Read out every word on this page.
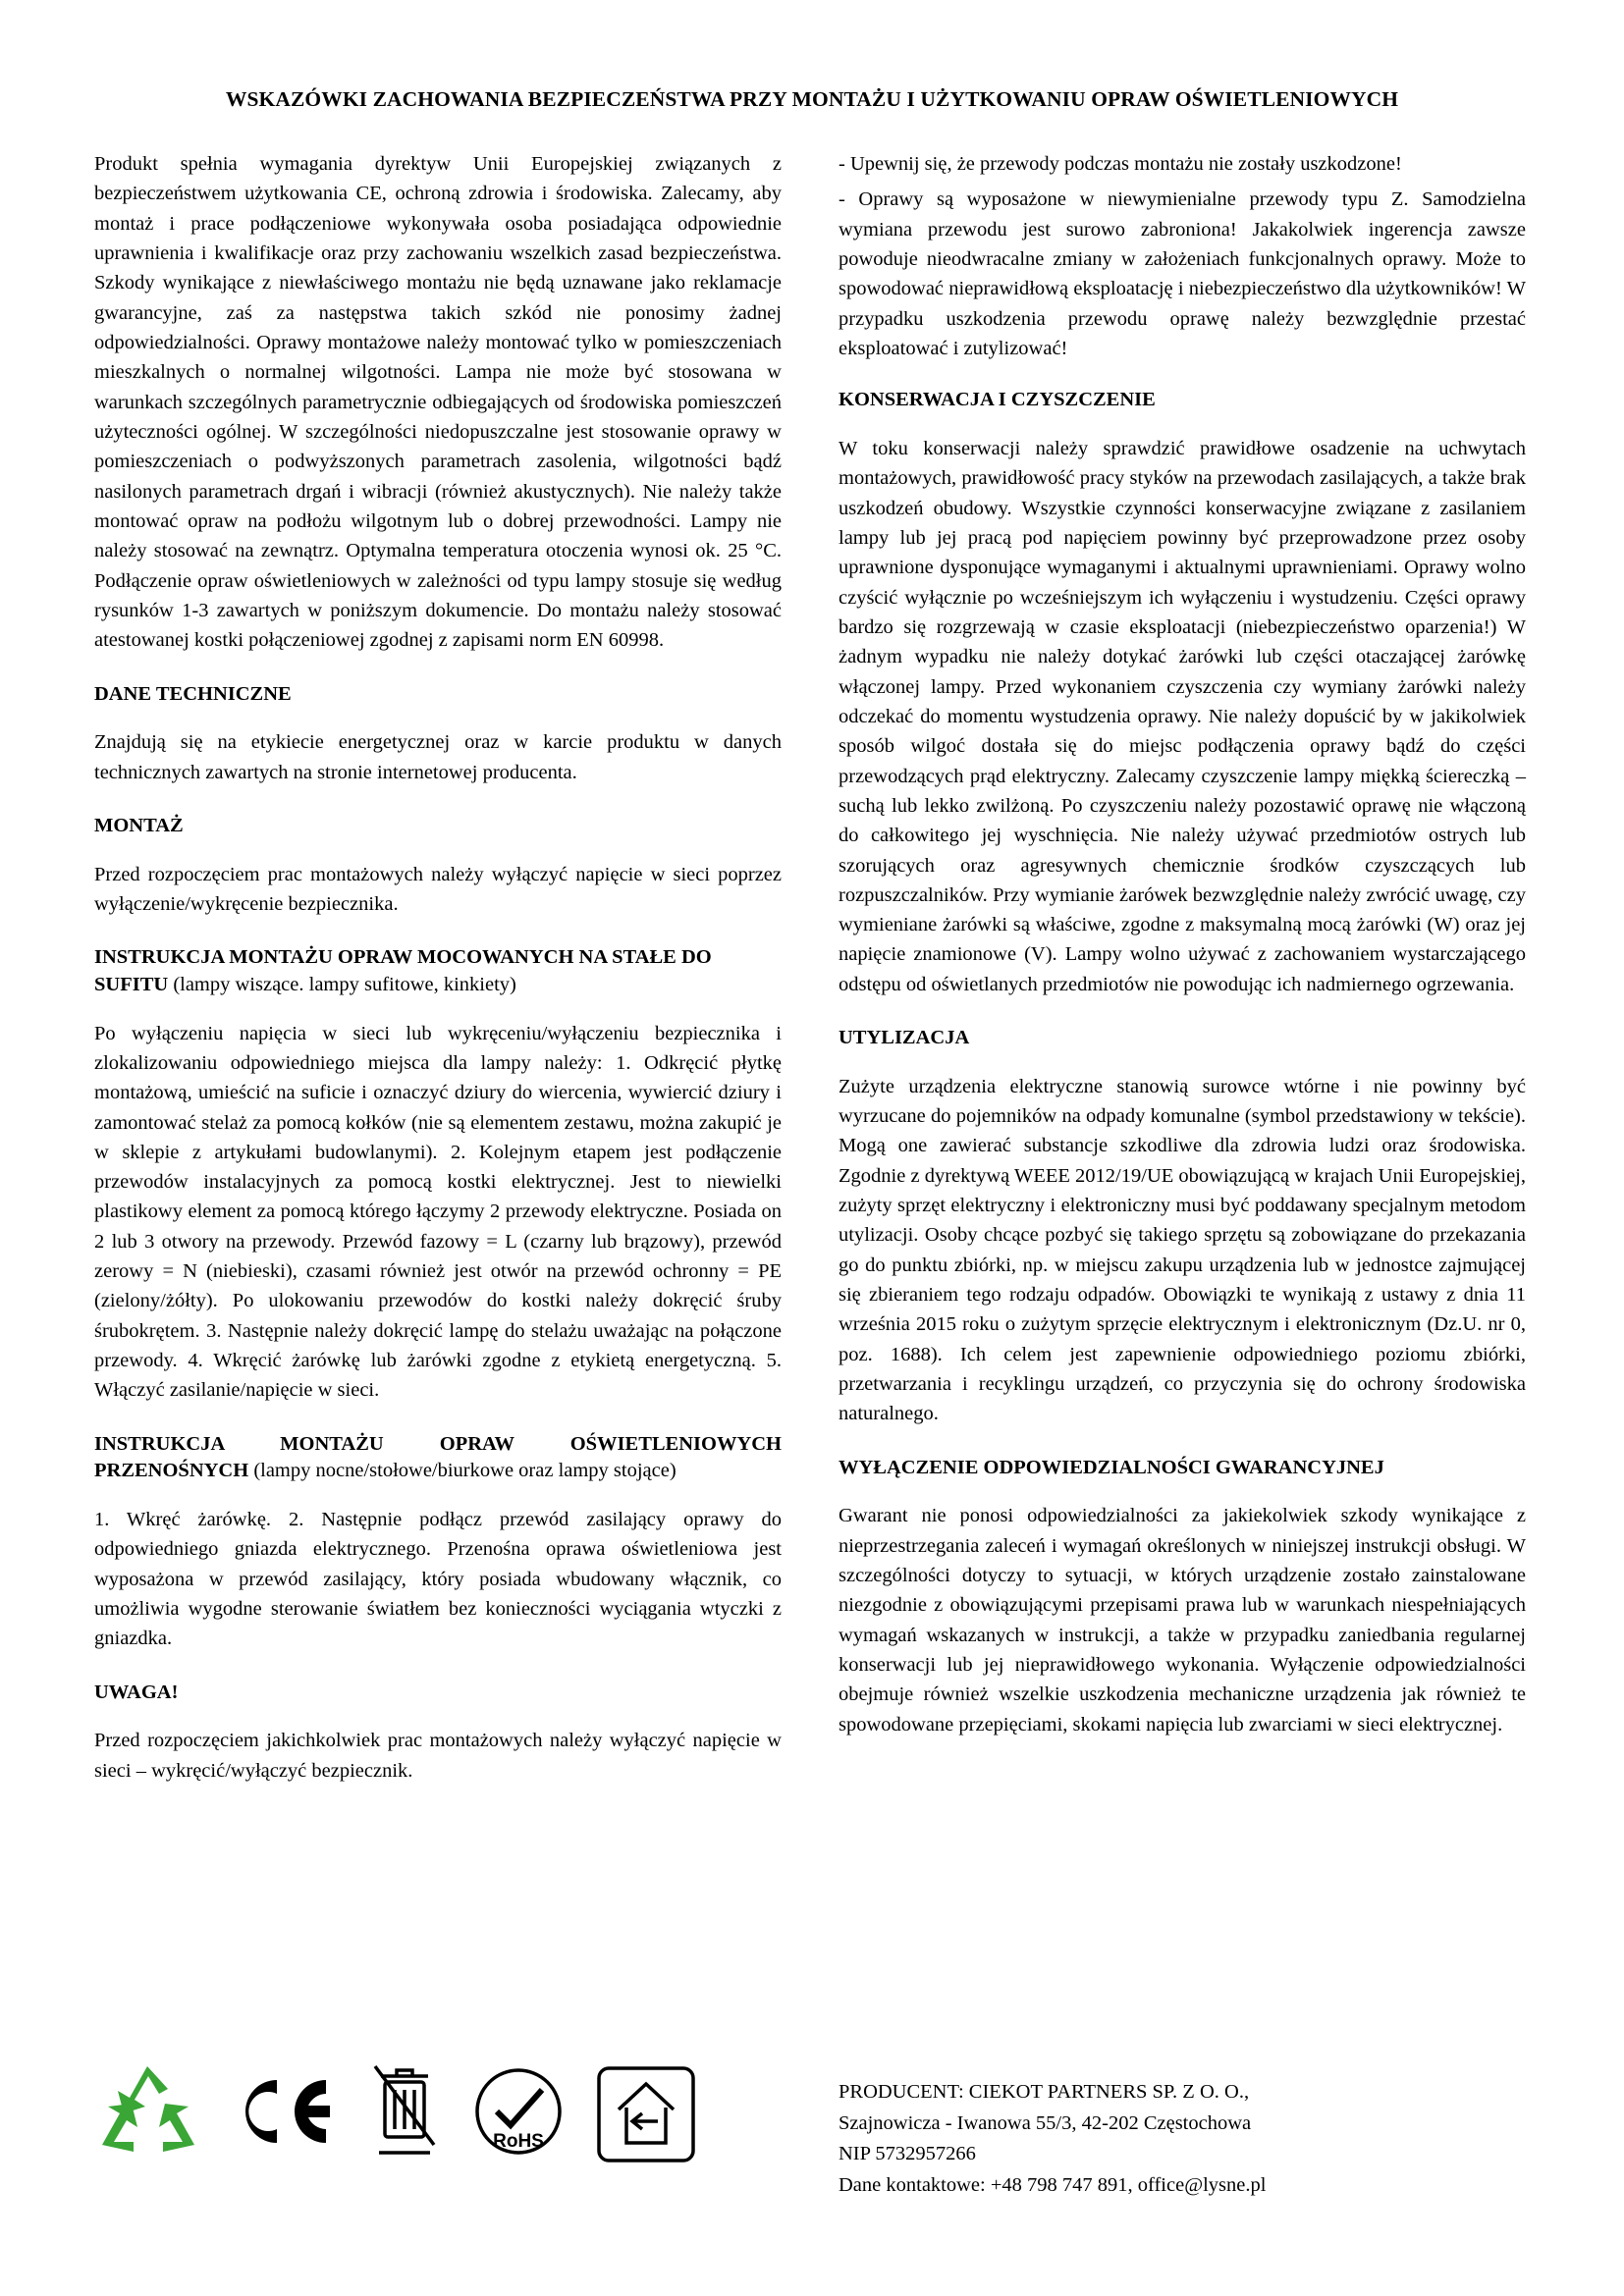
WSKAZÓWKI ZACHOWANIA BEZPIECZEŃSTWA PRZY MONTAŻU I UŻYTKOWANIU OPRAW OŚWIETLENIOWYCH

Produkt spełnia wymagania dyrektyw Unii Europejskiej związanych z bezpieczeństwem użytkowania CE, ochroną zdrowia i środowiska. Zalecamy, aby montaż i prace podłączeniowe wykonywała osoba posiadająca odpowiednie uprawnienia i kwalifikacje oraz przy zachowaniu wszelkich zasad bezpieczeństwa. Szkody wynikające z niewłaściwego montażu nie będą uznawane jako reklamacje gwarancyjne, zaś za następstwa takich szkód nie ponosimy żadnej odpowiedzialności. Oprawy montażowe należy montować tylko w pomieszczeniach mieszkalnych o normalnej wilgotności. Lampa nie może być stosowana w warunkach szczególnych parametrycznie odbiegających od środowiska pomieszczeń użyteczności ogólnej. W szczególności niedopuszczalne jest stosowanie oprawy w pomieszczeniach o podwyższonych parametrach zasolenia, wilgotności bądź nasilonych parametrach drgań i wibracji (również akustycznych). Nie należy także montować opraw na podłożu wilgotnym lub o dobrej przewodności. Lampy nie należy stosować na zewnątrz. Optymalna temperatura otoczenia wynosi ok. 25 °C. Podłączenie opraw oświetleniowych w zależności od typu lampy stosuje się według rysunków 1-3 zawartych w poniższym dokumencie. Do montażu należy stosować atestowanej kostki połączeniowej zgodnej z zapisami norm EN 60998.

DANE TECHNICZNE

Znajdują się na etykiecie energetycznej oraz w karcie produktu w danych technicznych zawartych na stronie internetowej producenta.

MONTAŻ

Przed rozpoczęciem prac montażowych należy wyłączyć napięcie w sieci poprzez wyłączenie/wykręcenie bezpiecznika.

INSTRUKCJA MONTAŻU OPRAW MOCOWANYCH NA STAŁE DO SUFITU (lampy wiszące. lampy sufitowe, kinkiety)

Po wyłączeniu napięcia w sieci lub wykręceniu/wyłączeniu bezpiecznika i zlokalizowaniu odpowiedniego miejsca dla lampy należy: 1. Odkręcić płytkę montażową, umieścić na suficie i oznaczyć dziury do wiercenia, wywiercić dziury i zamontować stelaż za pomocą kołków (nie są elementem zestawu, można zakupić je w sklepie z artykułami budowlanymi). 2. Kolejnym etapem jest podłączenie przewodów instalacyjnych za pomocą kostki elektrycznej. Jest to niewielki plastikowy element za pomocą którego łączymy 2 przewody elektryczne. Posiada on 2 lub 3 otwory na przewody. Przewód fazowy = L (czarny lub brązowy), przewód zerowy = N (niebieski), czasami również jest otwór na przewód ochronny = PE (zielony/żółty). Po ulokowaniu przewodów do kostki należy dokręcić śruby śrubokrętem. 3. Następnie należy dokręcić lampę do stelażu uważając na połączone przewody. 4. Wkręcić żarówkę lub żarówki zgodne z etykietą energetyczną. 5. Włączyć zasilanie/napięcie w sieci.

INSTRUKCJA MONTAŻU OPRAW OŚWIETLENIOWYCH PRZENOŚNYCH (lampy nocne/stołowe/biurkowe oraz lampy stojące)

1. Wkręć żarówkę. 2. Następnie podłącz przewód zasilający oprawy do odpowiedniego gniazda elektrycznego. Przenośna oprawa oświetleniowa jest wyposażona w przewód zasilający, który posiada wbudowany włącznik, co umożliwia wygodne sterowanie światłem bez konieczności wyciągania wtyczki z gniazdka.

UWAGA!

Przed rozpoczęciem jakichkolwiek prac montażowych należy wyłączyć napięcie w sieci – wykręcić/wyłączyć bezpiecznik.

- Upewnij się, że przewody podczas montażu nie zostały uszkodzone!

- Oprawy są wyposażone w niewymienialne przewody typu Z. Samodzielna wymiana przewodu jest surowo zabroniona! Jakakolwiek ingerencja zawsze powoduje nieodwracalne zmiany w założeniach funkcjonalnych oprawy. Może to spowodować nieprawidłową eksploatację i niebezpieczeństwo dla użytkowników! W przypadku uszkodzenia przewodu oprawę należy bezwzględnie przestać eksploatować i zutylizować!

KONSERWACJA I CZYSZCZENIE

W toku konserwacji należy sprawdzić prawidłowe osadzenie na uchwytach montażowych, prawidłowość pracy styków na przewodach zasilających, a także brak uszkodzeń obudowy. Wszystkie czynności konserwacyjne związane z zasilaniem lampy lub jej pracą pod napięciem powinny być przeprowadzone przez osoby uprawnione dysponujące wymaganymi i aktualnymi uprawnieniami. Oprawy wolno czyścić wyłącznie po wcześniejszym ich wyłączeniu i wystudzeniu. Części oprawy bardzo się rozgrzewają w czasie eksploatacji (niebezpieczeństwo oparzenia!) W żadnym wypadku nie należy dotykać żarówki lub części otaczającej żarówkę włączonej lampy. Przed wykonaniem czyszczenia czy wymiany żarówki należy odczekać do momentu wystudzenia oprawy. Nie należy dopuścić by w jakikolwiek sposób wilgoć dostała się do miejsc podłączenia oprawy bądź do części przewodzących prąd elektryczny. Zalecamy czyszczenie lampy miękką ściereczką – suchą lub lekko zwilżoną. Po czyszczeniu należy pozostawić oprawę nie włączoną do całkowitego jej wyschnięcia. Nie należy używać przedmiotów ostrych lub szorujących oraz agresywnych chemicznie środków czyszczących lub rozpuszczalników. Przy wymianie żarówek bezwzględnie należy zwrócić uwagę, czy wymieniane żarówki są właściwe, zgodne z maksymalną mocą żarówki (W) oraz jej napięcie znamionowe (V). Lampy wolno używać z zachowaniem wystarczającego odstępu od oświetlanych przedmiotów nie powodując ich nadmiernego ogrzewania.

UTYLIZACJA

Zużyte urządzenia elektryczne stanowią surowce wtórne i nie powinny być wyrzucane do pojemników na odpady komunalne (symbol przedstawiony w tekście). Mogą one zawierać substancje szkodliwe dla zdrowia ludzi oraz środowiska. Zgodnie z dyrektywą WEEE 2012/19/UE obowiązującą w krajach Unii Europejskiej, zużyty sprzęt elektryczny i elektroniczny musi być poddawany specjalnym metodom utylizacji. Osoby chcące pozbyć się takiego sprzętu są zobowiązane do przekazania go do punktu zbiórki, np. w miejscu zakupu urządzenia lub w jednostce zajmującej się zbieraniem tego rodzaju odpadów. Obowiązki te wynikają z ustawy z dnia 11 września 2015 roku o zużytym sprzęcie elektrycznym i elektronicznym (Dz.U. nr 0, poz. 1688). Ich celem jest zapewnienie odpowiedniego poziomu zbiórki, przetwarzania i recyklingu urządzeń, co przyczynia się do ochrony środowiska naturalnego.

WYŁĄCZENIE ODPOWIEDZIALNOŚCI GWARANCYJNEJ

Gwarant nie ponosi odpowiedzialności za jakiekolwiek szkody wynikające z nieprzestrzegania zaleceń i wymagań określonych w niniejszej instrukcji obsługi. W szczególności dotyczy to sytuacji, w których urządzenie zostało zainstalowane niezgodnie z obowiązującymi przepisami prawa lub w warunkach niespełniających wymagań wskazanych w instrukcji, a także w przypadku zaniedbania regularnej konserwacji lub jej nieprawidłowego wykonania. Wyłączenie odpowiedzialności obejmuje również wszelkie uszkodzenia mechaniczne urządzenia jak również te spowodowane przepięciami, skokami napięcia lub zwarciami w sieci elektrycznej.

RoHS
PRODUCENT: CIEKOT PARTNERS SP. Z O. O.,
Szajnowicza - Iwanowa 55/3, 42-202 Częstochowa
NIP 5732957266
Dane kontaktowe: +48 798 747 891, office@lysne.pl
